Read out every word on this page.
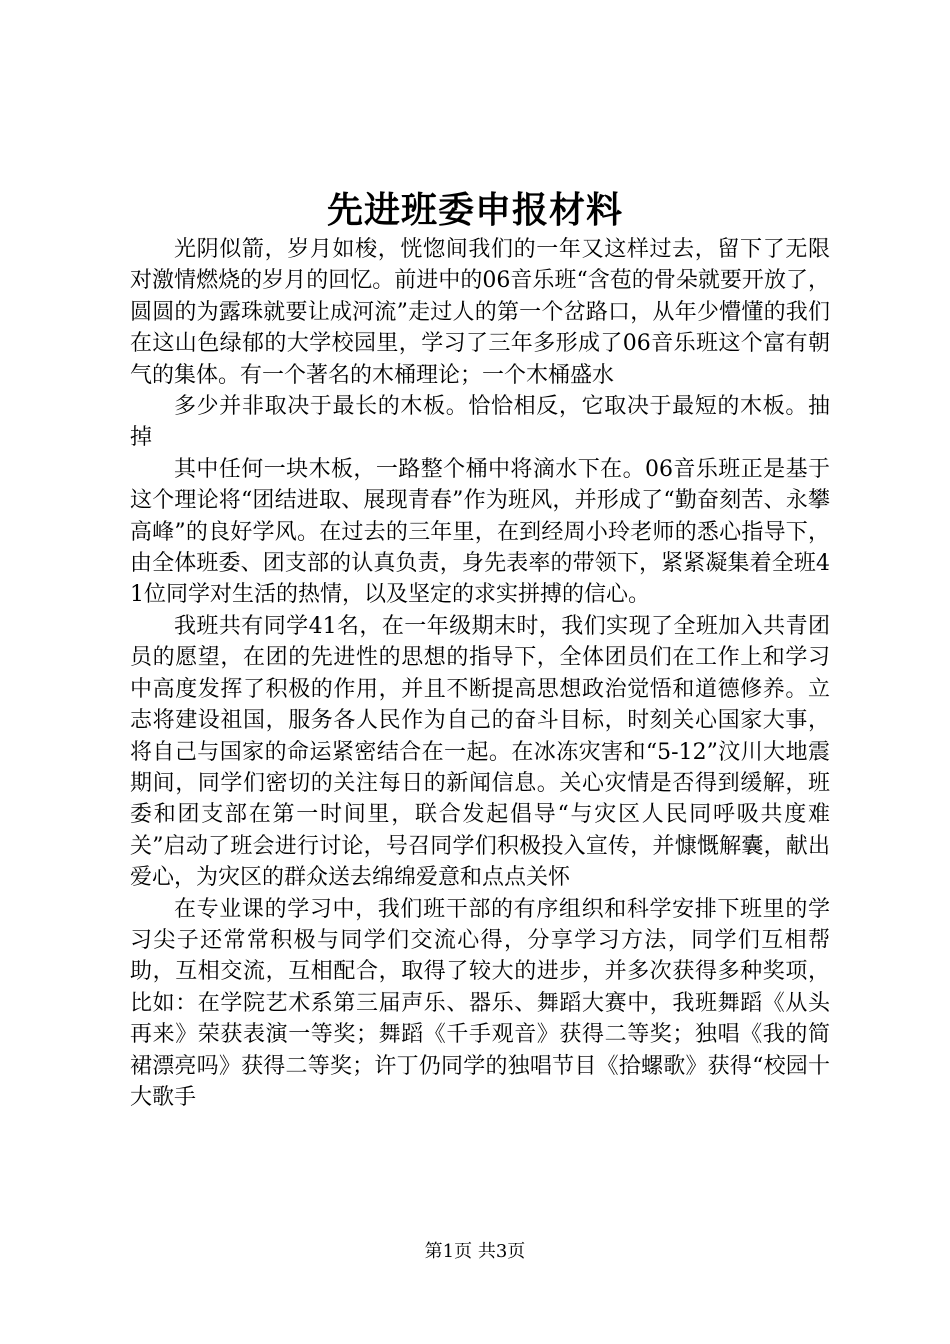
先进班委申报材料

光阴似箭，岁月如梭，恍惚间我们的一年又这样过去，留下了无限对激情燃烧的岁月的回忆。前进中的06音乐班“含苞的骨朵就要开放了，圆圆的为露珠就要让成河流”走过人的第一个岔路口，从年少懵懂的我们在这山色绿郁的大学校园里，学习了三年多形成了06音乐班这个富有朝气的集体。有一个著名的木桶理论；一个木桶盛水

多少并非取决于最长的木板。恰恰相反，它取决于最短的木板。抽掉

其中任何一块木板，一路整个桶中将滴水下在。06音乐班正是基于这个理论将“团结进取、展现青春”作为班风，并形成了“勤奋刻苦、永攀高峰”的良好学风。在过去的三年里，在到经周小玲老师的悉心指导下，由全体班委、团支部的认真负责，身先表率的带领下，紧紧凝集着全班41位同学对生活的热情，以及坚定的求实拼搏的信心。

我班共有同学41名，在一年级期末时，我们实现了全班加入共青团员的愿望，在团的先进性的思想的指导下，全体团员们在工作上和学习中高度发挥了积极的作用，并且不断提高思想政治觉悟和道德修养。立志将建设祖国，服务各人民作为自己的奋斗目标，时刻关心国家大事，将自己与国家的命运紧密结合在一起。在冰冻灾害和“5-12”汶川大地震期间，同学们密切的关注每日的新闻信息。关心灾情是否得到缓解，班委和团支部在第一时间里，联合发起倡导“与灾区人民同呼吸共度难关”启动了班会进行讨论，号召同学们积极投入宣传，并慷慨解囊，献出爱心，为灾区的群众送去绵绵爱意和点点关怀

在专业课的学习中，我们班干部的有序组织和科学安排下班里的学习尖子还常常积极与同学们交流心得，分享学习方法，同学们互相帮助，互相交流，互相配合，取得了较大的进步，并多次获得多种奖项，比如：在学院艺术系第三届声乐、器乐、舞蹈大赛中，我班舞蹈《从头再来》荣获表演一等奖；舞蹈《千手观音》获得二等奖；独唱《我的简裙漂亮吗》获得二等奖；许丁仍同学的独唱节目《拾螺歌》获得“校园十大歌手

第1页 共3页
